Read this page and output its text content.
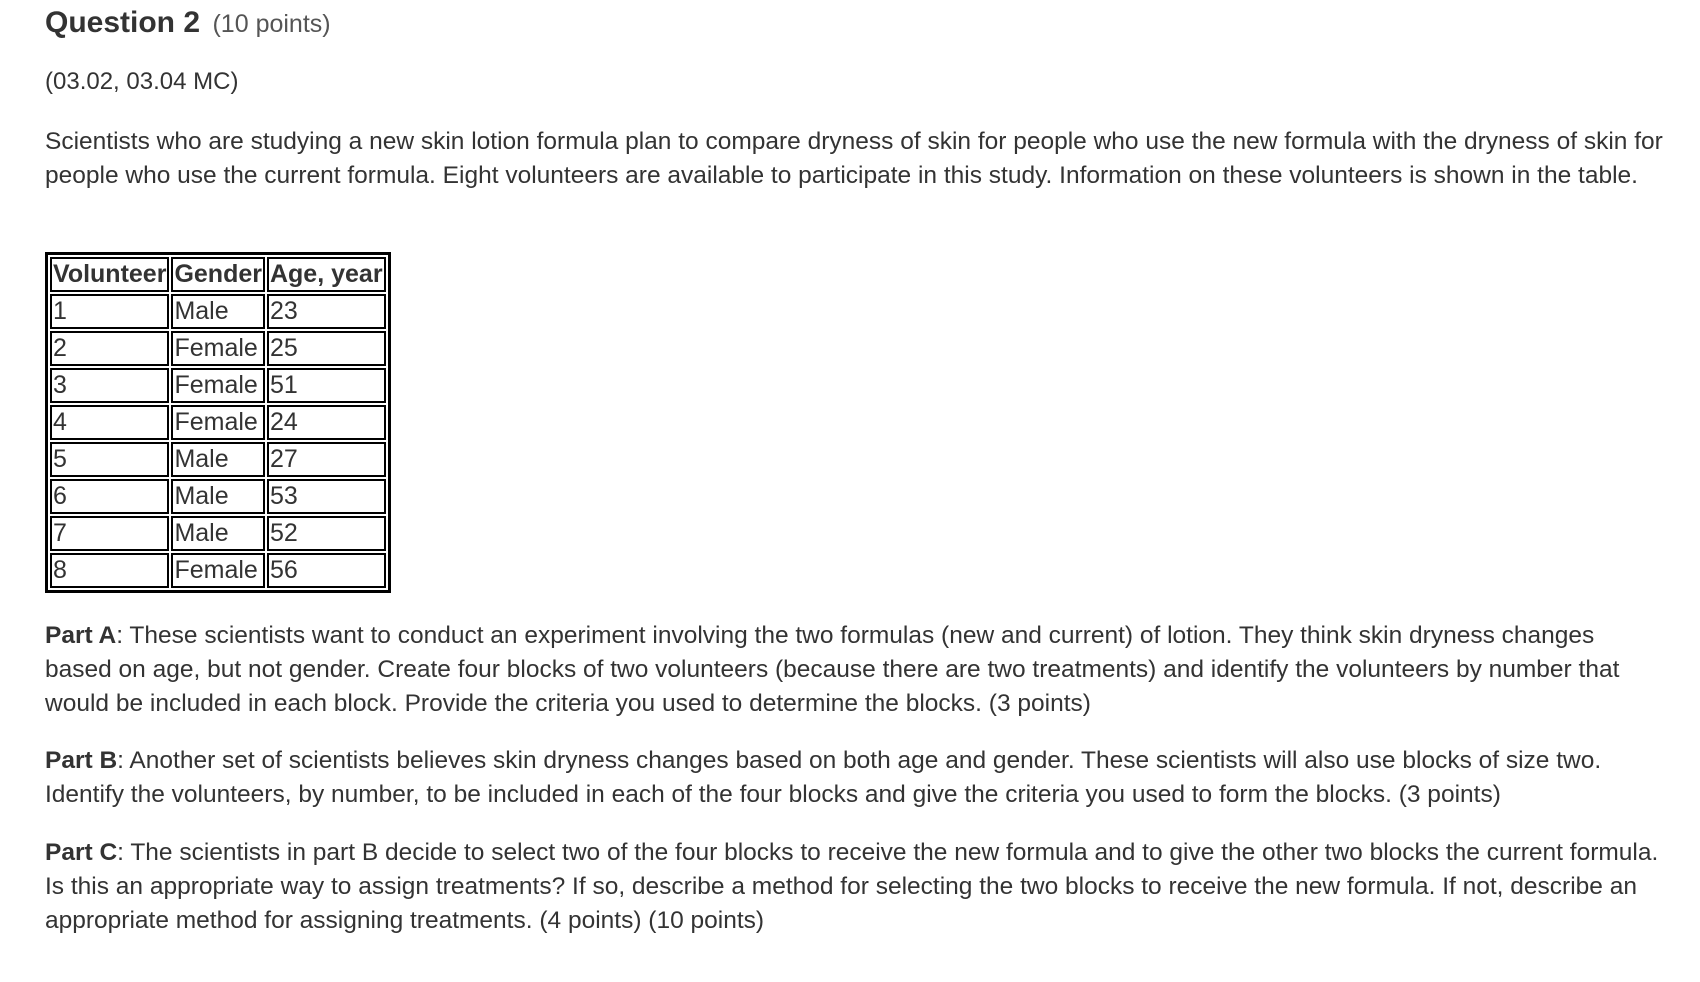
Question 2 (10 points)
(03.02, 03.04 MC)
Scientists who are studying a new skin lotion formula plan to compare dryness of skin for people who use the new formula with the dryness of skin for people who use the current formula. Eight volunteers are available to participate in this study. Information on these volunteers is shown in the table.
Volunteer	Gender	Age, year
1	Male	23
2	Female	25
3	Female	51
4	Female	24
5	Male	27
6	Male	53
7	Male	52
8	Female	56

Part A: These scientists want to conduct an experiment involving the two formulas (new and current) of lotion. They think skin dryness changes based on age, but not gender. Create four blocks of two volunteers (because there are two treatments) and identify the volunteers by number that would be included in each block. Provide the criteria you used to determine the blocks. (3 points)

Part B: Another set of scientists believes skin dryness changes based on both age and gender. These scientists will also use blocks of size two. Identify the volunteers, by number, to be included in each of the four blocks and give the criteria you used to form the blocks. (3 points)

Part C: The scientists in part B decide to select two of the four blocks to receive the new formula and to give the other two blocks the current formula. Is this an appropriate way to assign treatments? If so, describe a method for selecting the two blocks to receive the new formula. If not, describe an appropriate method for assigning treatments. (4 points) (10 points)
